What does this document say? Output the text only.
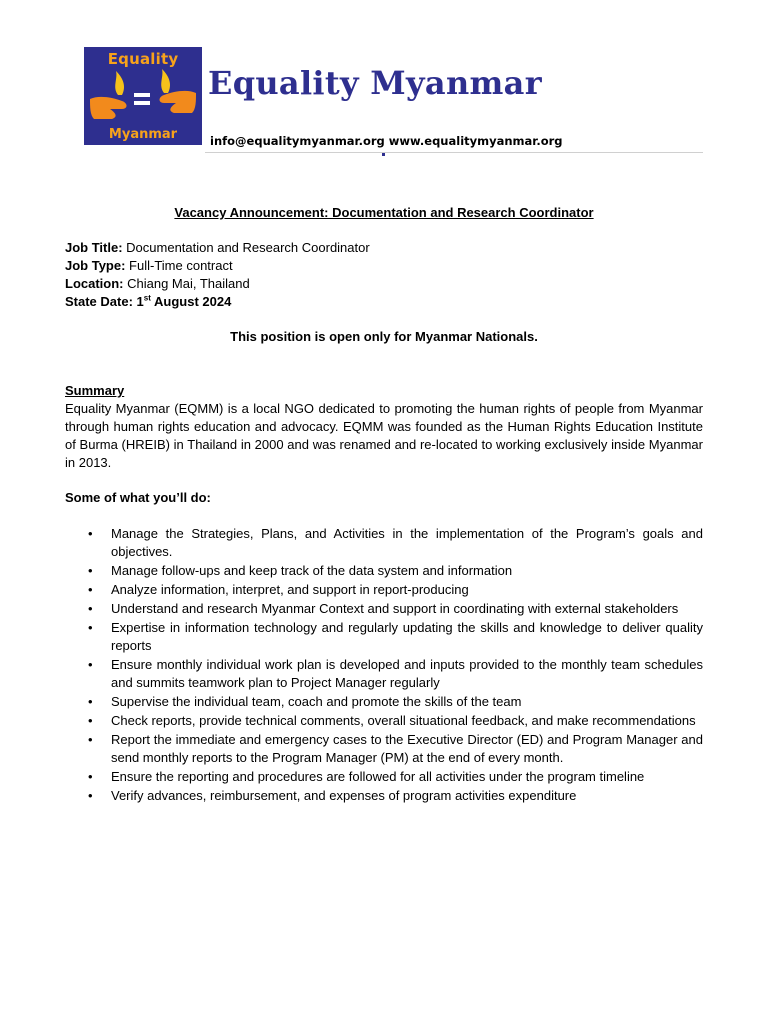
Equality
Myanmar
Equality Myanmar
info@equalitymyanmar.org www.equalitymyanmar.org
Vacancy Announcement: Documentation and Research Coordinator
Job Title: Documentation and Research Coordinator
Job Type: Full-Time contract
Location: Chiang Mai, Thailand
State Date: 1st August 2024
This position is open only for Myanmar Nationals.
Summary
Equality Myanmar (EQMM) is a local NGO dedicated to promoting the human rights of people from Myanmar through human rights education and advocacy. EQMM was founded as the Human Rights Education Institute of Burma (HREIB) in Thailand in 2000 and was renamed and re-located to working exclusively inside Myanmar in 2013.
Some of what you’ll do:
• Manage the Strategies, Plans, and Activities in the implementation of the Program’s goals and objectives.
• Manage follow-ups and keep track of the data system and information
• Analyze information, interpret, and support in report-producing
• Understand and research Myanmar Context and support in coordinating with external stakeholders
• Expertise in information technology and regularly updating the skills and knowledge to deliver quality reports
• Ensure monthly individual work plan is developed and inputs provided to the monthly team schedules and summits teamwork plan to Project Manager regularly
• Supervise the individual team, coach and promote the skills of the team
• Check reports, provide technical comments, overall situational feedback, and make recommendations
• Report the immediate and emergency cases to the Executive Director (ED) and Program Manager and send monthly reports to the Program Manager (PM) at the end of every month.
• Ensure the reporting and procedures are followed for all activities under the program timeline
• Verify advances, reimbursement, and expenses of program activities expenditure
